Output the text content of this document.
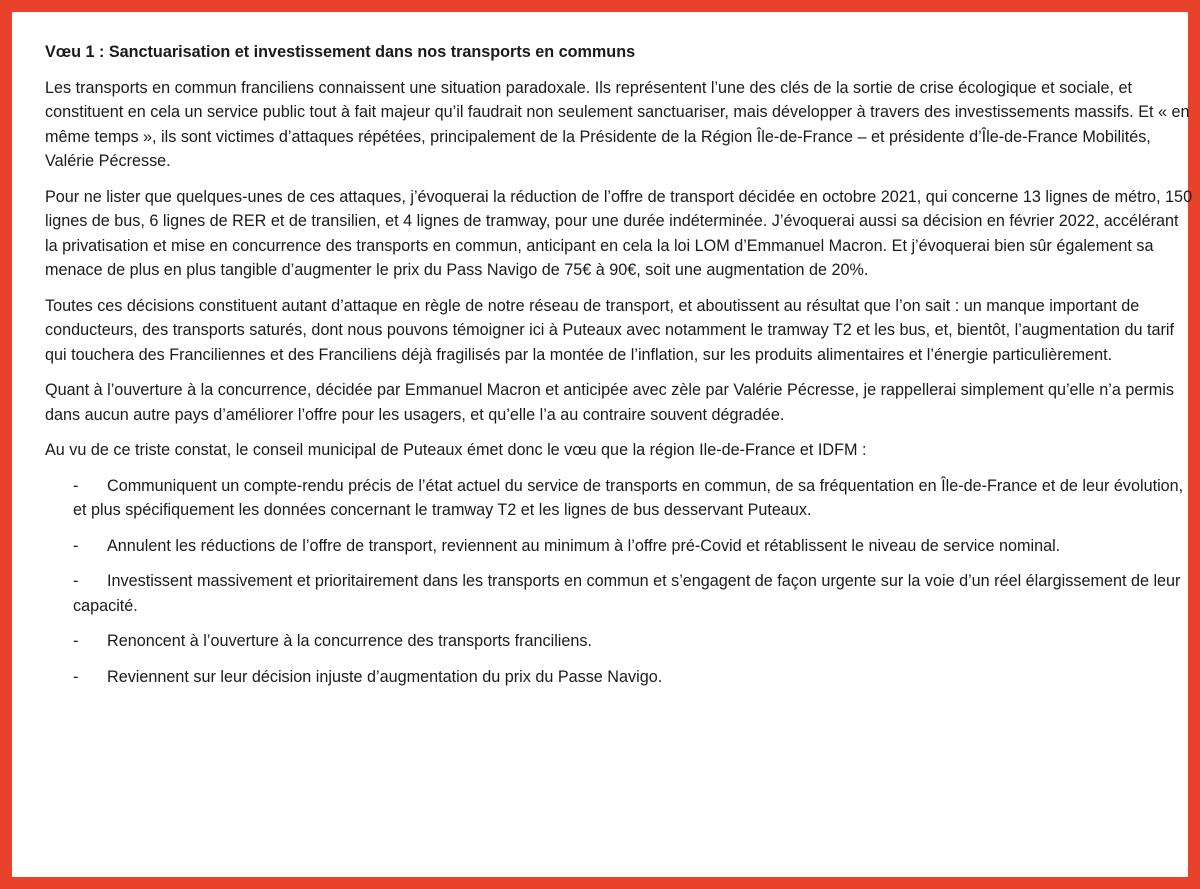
Vœu 1 : Sanctuarisation et investissement dans nos transports en communs

Les transports en commun franciliens connaissent une situation paradoxale. Ils représentent l’une des clés de la sortie de crise écologique et sociale, et constituent en cela un service public tout à fait majeur qu’il faudrait non seulement sanctuariser, mais développer à travers des investissements massifs. Et « en même temps », ils sont victimes d’attaques répétées, principalement de la Présidente de la Région Île-de-France – et présidente d’Île-de-France Mobilités, Valérie Pécresse.

Pour ne lister que quelques-unes de ces attaques, j’évoquerai la réduction de l’offre de transport décidée en octobre 2021, qui concerne 13 lignes de métro, 150 lignes de bus, 6 lignes de RER et de transilien, et 4 lignes de tramway, pour une durée indéterminée. J’évoquerai aussi sa décision en février 2022, accélérant la privatisation et mise en concurrence des transports en commun, anticipant en cela la loi LOM d’Emmanuel Macron. Et j’évoquerai bien sûr également sa menace de plus en plus tangible d’augmenter le prix du Pass Navigo de 75€ à 90€, soit une augmentation de 20%.

Toutes ces décisions constituent autant d’attaque en règle de notre réseau de transport, et aboutissent au résultat que l’on sait : un manque important de conducteurs, des transports saturés, dont nous pouvons témoigner ici à Puteaux avec notamment le tramway T2 et les bus, et, bientôt, l’augmentation du tarif qui touchera des Franciliennes et des Franciliens déjà fragilisés par la montée de l’inflation, sur les produits alimentaires et l’énergie particulièrement.

Quant à l’ouverture à la concurrence, décidée par Emmanuel Macron et anticipée avec zèle par Valérie Pécresse, je rappellerai simplement qu’elle n’a permis dans aucun autre pays d’améliorer l’offre pour les usagers, et qu’elle l’a au contraire souvent dégradée.

Au vu de ce triste constat, le conseil municipal de Puteaux émet donc le vœu que la région Ile-de-France et IDFM :

-	Communiquent un compte-rendu précis de l’état actuel du service de transports en commun, de sa fréquentation en Île-de-France et de leur évolution, et plus spécifiquement les données concernant le tramway T2 et les lignes de bus desservant Puteaux.
-	Annulent les réductions de l’offre de transport, reviennent au minimum à l’offre pré-Covid et rétablissent le niveau de service nominal.
-	Investissent massivement et prioritairement dans les transports en commun et s’engagent de façon urgente sur la voie d’un réel élargissement de leur capacité.
-	Renoncent à l’ouverture à la concurrence des transports franciliens.
-	Reviennent sur leur décision injuste d’augmentation du prix du Passe Navigo.
